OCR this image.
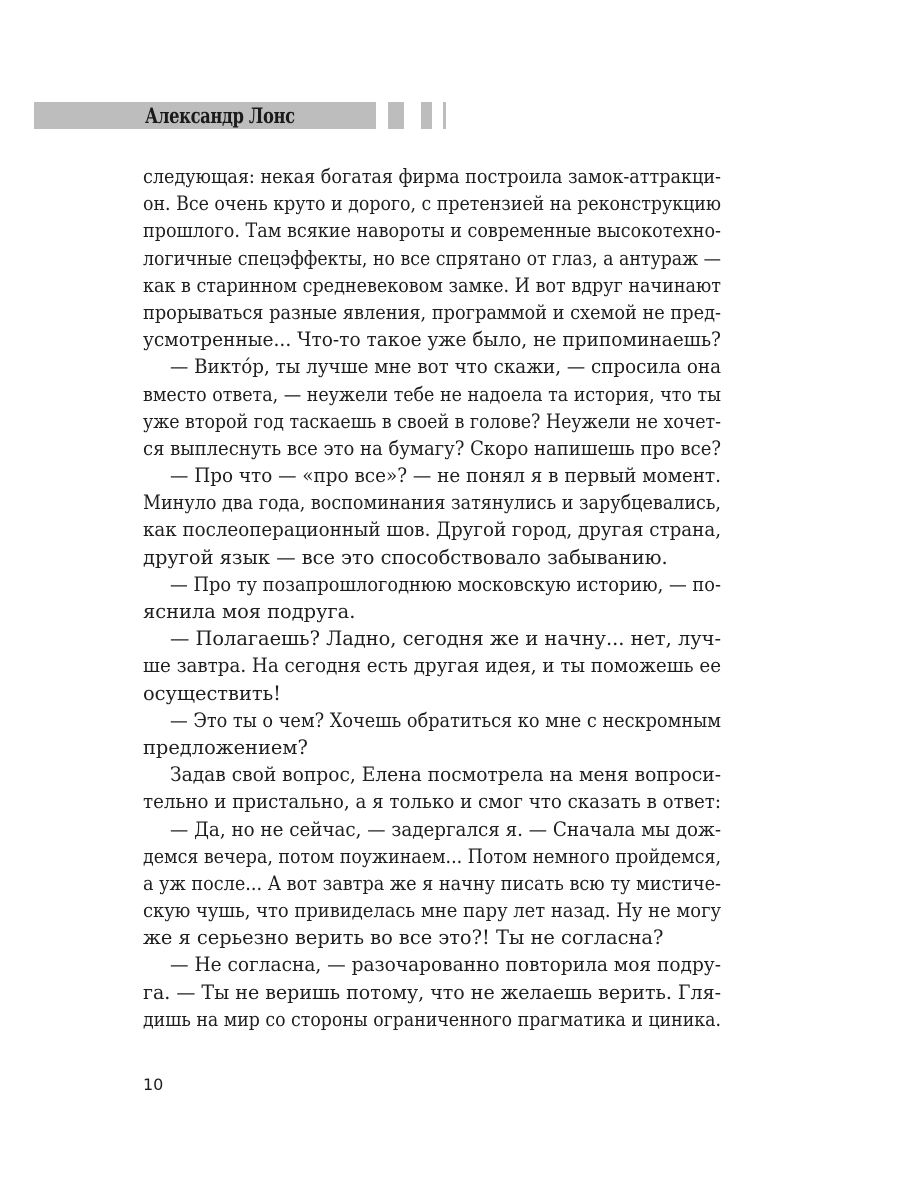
Александр Лонс
следующая: некая богатая фирма построила замок-аттракци-
он. Все очень круто и дорого, с претензией на реконструкцию
прошлого. Там всякие навороты и современные высокотехно-
логичные спецэффекты, но все спрятано от глаз, а антураж —
как в старинном средневековом замке. И вот вдруг начинают
прорываться разные явления, программой и схемой не пред-
усмотренные... Что-то такое уже было, не припоминаешь?
— Викто́р, ты лучше мне вот что скажи, — спросила она
вместо ответа, — неужели тебе не надоела та история, что ты
уже второй год таскаешь в своей в голове? Неужели не хочет-
ся выплеснуть все это на бумагу? Скоро напишешь про все?
— Про что — «про все»? — не понял я в первый момент.
Минуло два года, воспоминания затянулись и зарубцевались,
как послеоперационный шов. Другой город, другая страна,
другой язык — все это способствовало забыванию.
— Про ту позапрошлогоднюю московскую историю, — по-
яснила моя подруга.
— Полагаешь? Ладно, сегодня же и начну... нет, луч-
ше завтра. На сегодня есть другая идея, и ты поможешь ее
осуществить!
— Это ты о чем? Хочешь обратиться ко мне с нескромным
предложением?
Задав свой вопрос, Елена посмотрела на меня вопроси-
тельно и пристально, а я только и смог что сказать в ответ:
— Да, но не сейчас, — задергался я. — Сначала мы дож-
демся вечера, потом поужинаем... Потом немного пройдемся,
а уж после... А вот завтра же я начну писать всю ту мистиче-
скую чушь, что привиделась мне пару лет назад. Ну не могу
же я серьезно верить во все это?! Ты не согласна?
— Не согласна, — разочарованно повторила моя подру-
га. — Ты не веришь потому, что не желаешь верить. Гля-
дишь на мир со стороны ограниченного прагматика и циника.
10
